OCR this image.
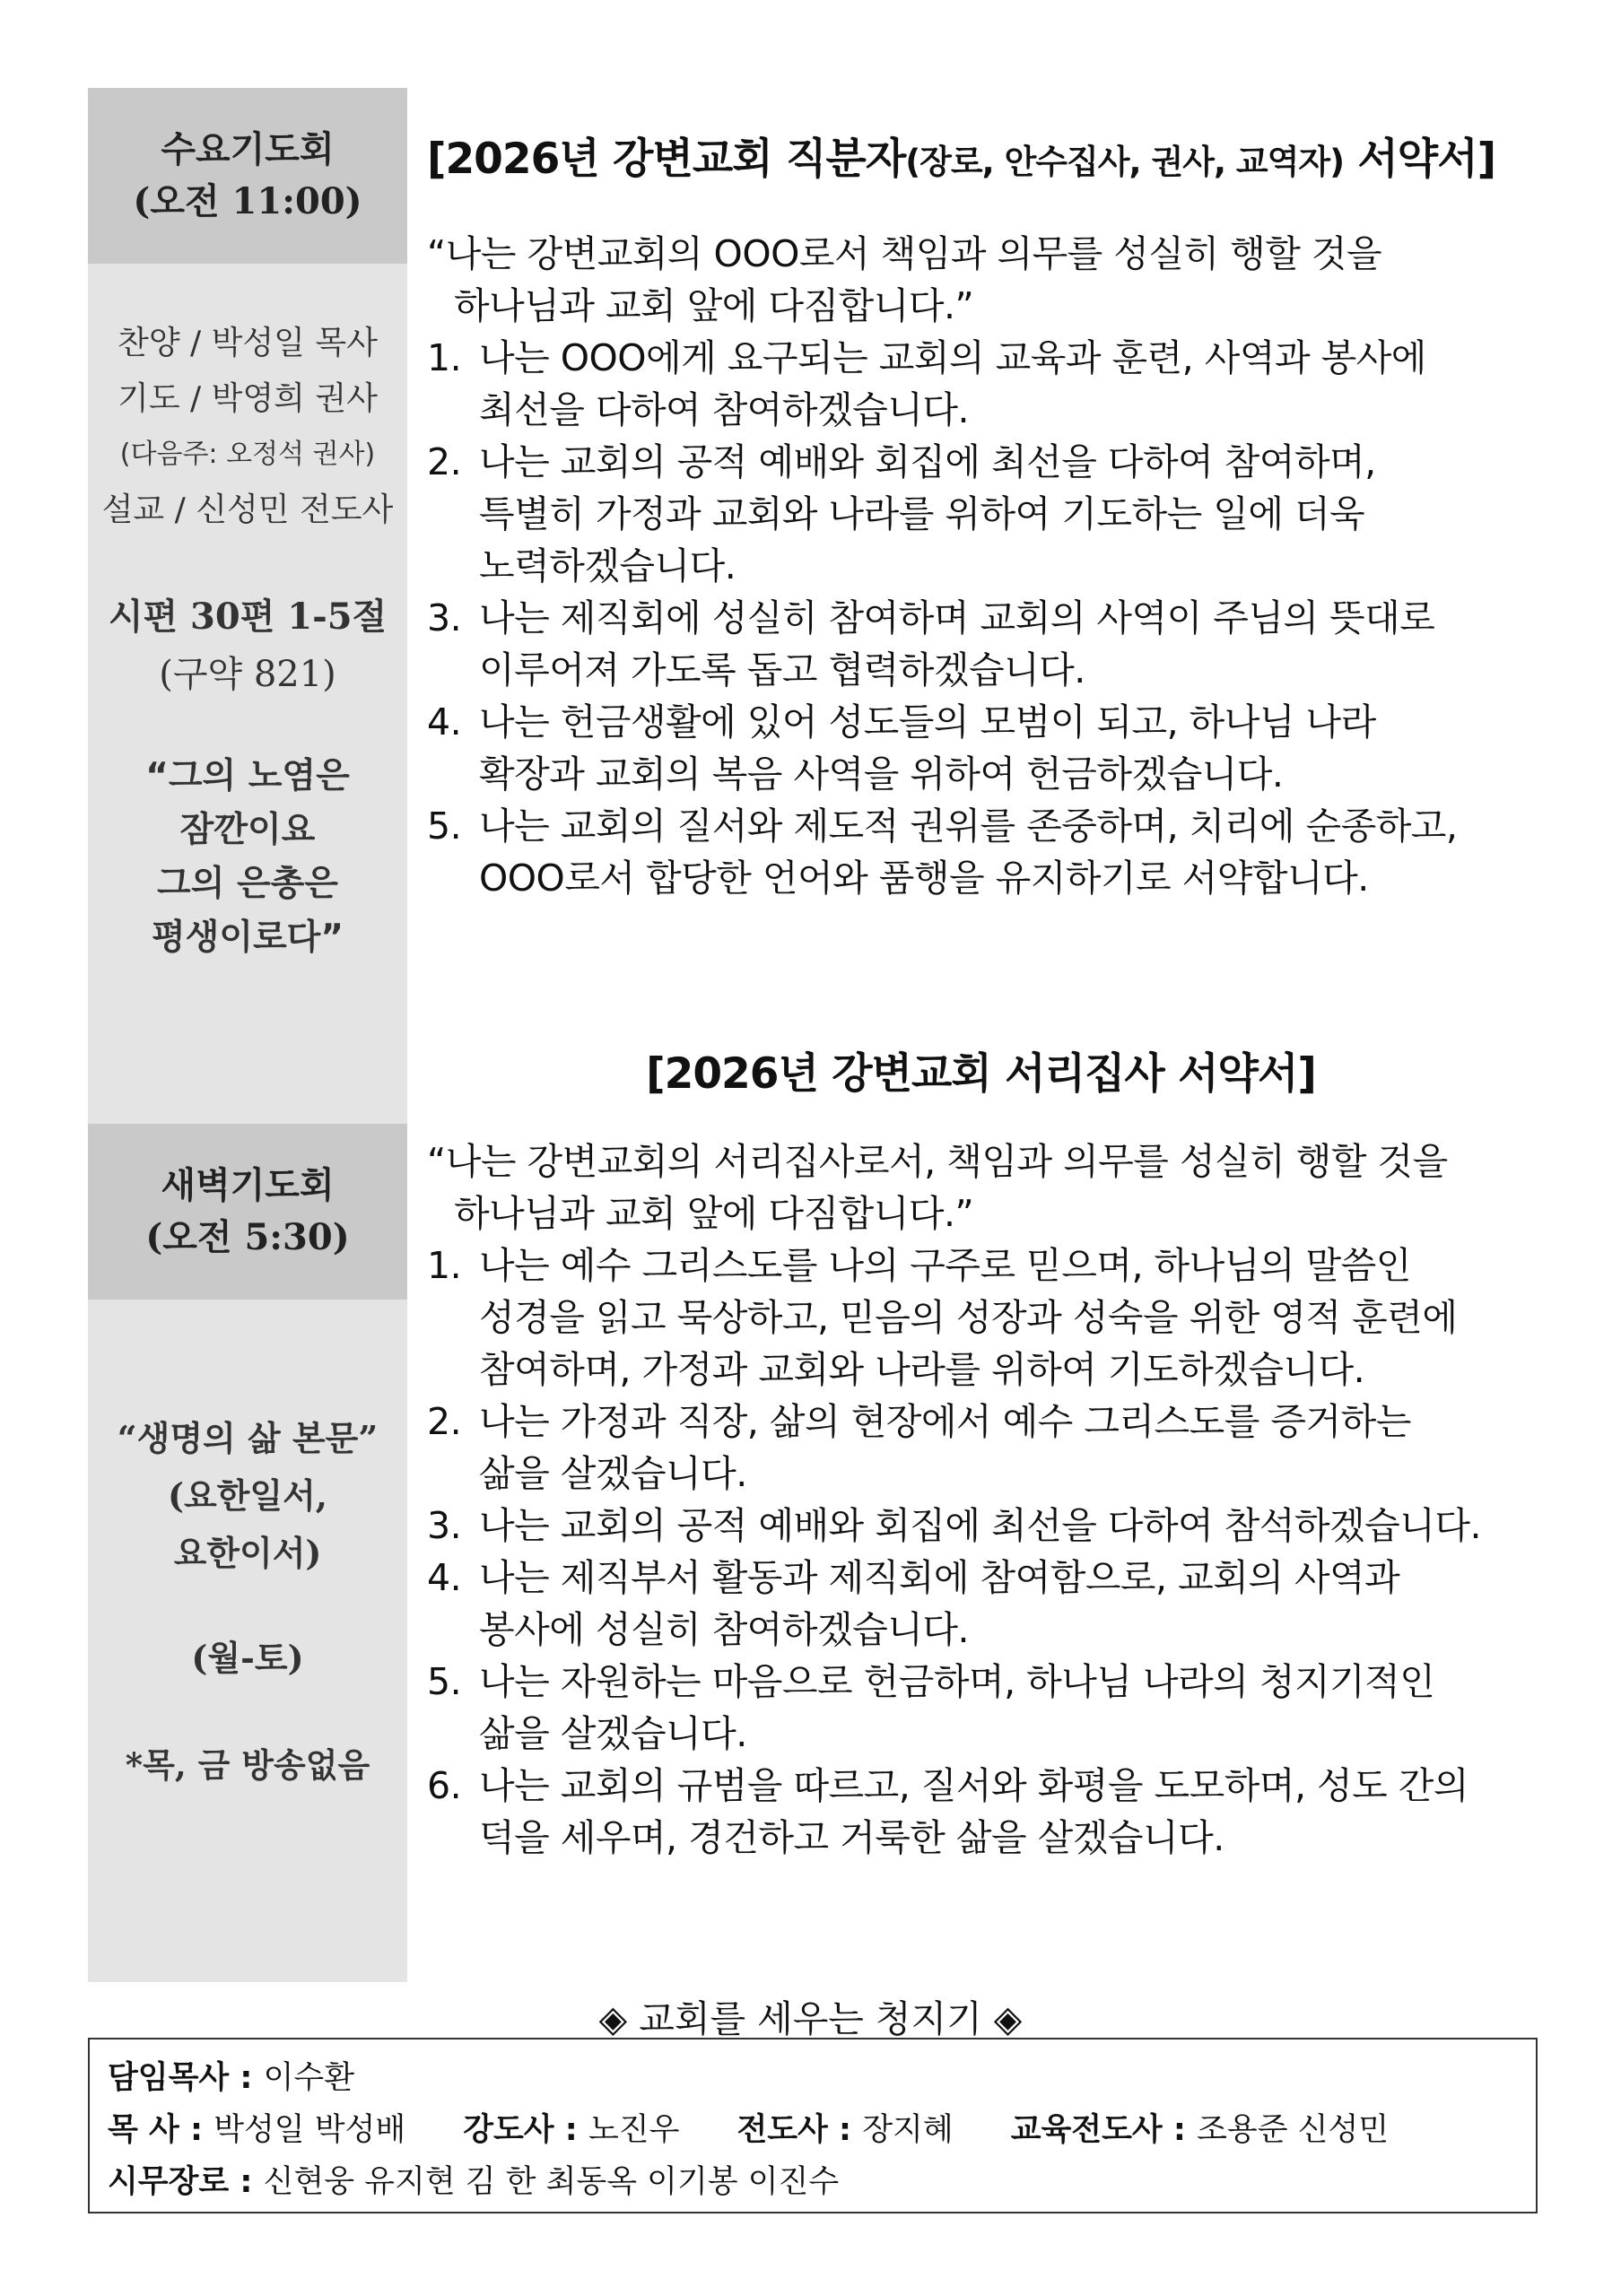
수요기도회
(오전 11:00)
찬양 / 박성일 목사
기도 / 박영희 권사
(다음주: 오정석 권사)
설교 / 신성민 전도사
시편 30편 1-5절
(구약 821)
“그의 노염은
잠깐이요
그의 은총은
평생이로다”
새벽기도회
(오전 5:30)
“생명의 삶 본문”
(요한일서,
요한이서)
(월-토)
*목, 금 방송없음
[2026년 강변교회 직분자(장로, 안수집사, 권사, 교역자) 서약서]
“나는 강변교회의 OOO로서 책임과 의무를 성실히 행할 것을
하나님과 교회 앞에 다짐합니다.”
1. 나는 OOO에게 요구되는 교회의 교육과 훈련, 사역과 봉사에
최선을 다하여 참여하겠습니다.
2. 나는 교회의 공적 예배와 회집에 최선을 다하여 참여하며,
특별히 가정과 교회와 나라를 위하여 기도하는 일에 더욱
노력하겠습니다.
3. 나는 제직회에 성실히 참여하며 교회의 사역이 주님의 뜻대로
이루어져 가도록 돕고 협력하겠습니다.
4. 나는 헌금생활에 있어 성도들의 모범이 되고, 하나님 나라
확장과 교회의 복음 사역을 위하여 헌금하겠습니다.
5. 나는 교회의 질서와 제도적 권위를 존중하며, 치리에 순종하고,
OOO로서 합당한 언어와 품행을 유지하기로 서약합니다.
[2026년 강변교회 서리집사 서약서]
“나는 강변교회의 서리집사로서, 책임과 의무를 성실히 행할 것을
하나님과 교회 앞에 다짐합니다.”
1. 나는 예수 그리스도를 나의 구주로 믿으며, 하나님의 말씀인
성경을 읽고 묵상하고, 믿음의 성장과 성숙을 위한 영적 훈련에
참여하며, 가정과 교회와 나라를 위하여 기도하겠습니다.
2. 나는 가정과 직장, 삶의 현장에서 예수 그리스도를 증거하는
삶을 살겠습니다.
3. 나는 교회의 공적 예배와 회집에 최선을 다하여 참석하겠습니다.
4. 나는 제직부서 활동과 제직회에 참여함으로, 교회의 사역과
봉사에 성실히 참여하겠습니다.
5. 나는 자원하는 마음으로 헌금하며, 하나님 나라의 청지기적인
삶을 살겠습니다.
6. 나는 교회의 규범을 따르고, 질서와 화평을 도모하며, 성도 간의
덕을 세우며, 경건하고 거룩한 삶을 살겠습니다.
◈ 교회를 세우는 청지기 ◈
담임목사 : 이수환
목 사 : 박성일 박성배 강도사 : 노진우 전도사 : 장지혜 교육전도사 : 조용준 신성민
시무장로 : 신현웅 유지현 김 한 최동옥 이기봉 이진수
